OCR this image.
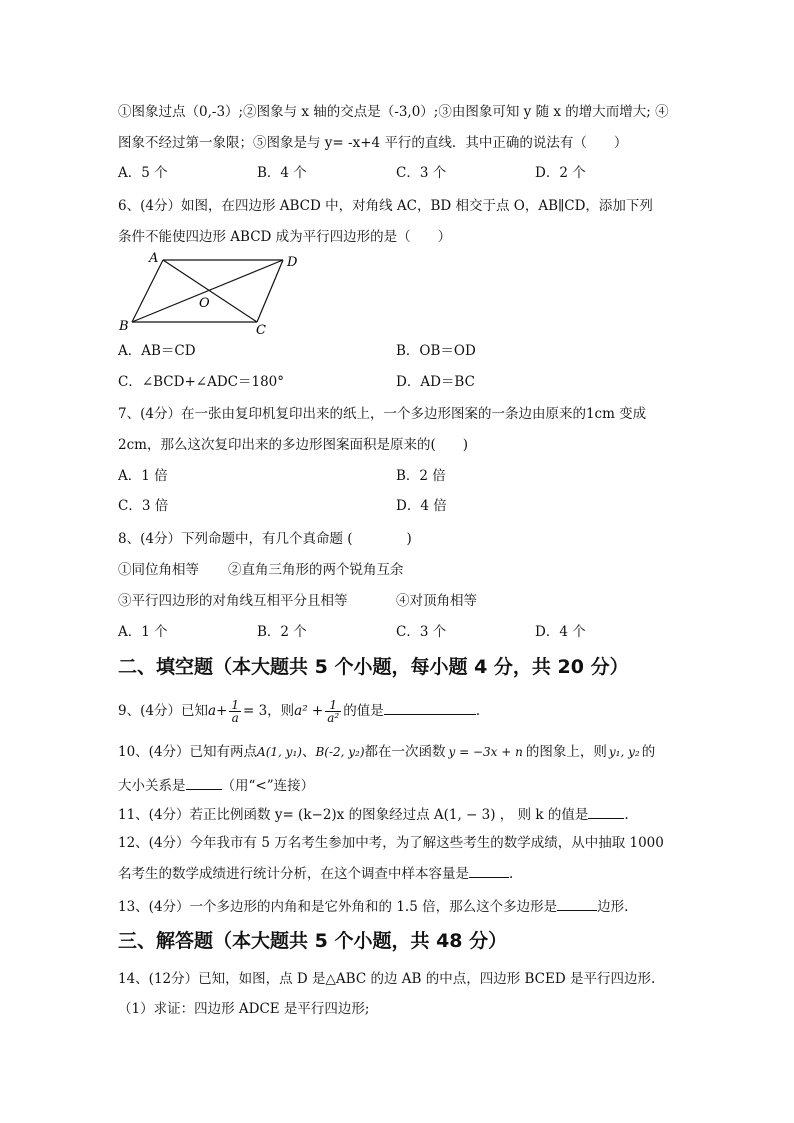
①图象过点（0,-3）;②图象与 x 轴的交点是（-3,0）;③由图象可知 y 随 x 的增大而增大; ④
图象不经过第一象限；⑤图象是与 y= -x+4 平行的直线．其中正确的说法有（　　）
A．5 个	B．4 个	C．3 个	D．2 个
6、(4分）如图，在四边形 ABCD 中，对角线 AC，BD 相交于点 O，AB∥CD，添加下列
条件不能使四边形 ABCD 成为平行四边形的是（　　）
A	D
B	C
O
A．AB＝CD	B．OB＝OD
C．∠BCD+∠ADC＝180°	D．AD＝BC
7、(4分）在一张由复印机复印出来的纸上，一个多边形图案的一条边由原来的1cm 变成
2cm，那么这次复印出来的多边形图案面积是原来的(　　)
A．1 倍	B．2 倍
C．3 倍	D．4 倍
8、(4分）下列命题中，有几个真命题 (　　　　)
①同位角相等 ②直角三角形的两个锐角互余
③平行四边形的对角线互相平分且相等	④对顶角相等
A．1 个	B．2 个	C．3 个	D．4 个
二、填空题（本大题共 5 个小题，每小题 4 分，共 20 分）
9、(4分）已知$a+ \frac{1}{a} = 3$，则$a^2 + \frac{1}{\text{a²}}$ 的值是	.
10、(4分）已知有两点A(1, y₁)、B(-2, y₂)都在一次函数 y = −3x + n 的图象上，则 y₁, y₂ 的
大小关系是	（用“<”连接）
11、(4分）若正比例函数 y= (k−2)x 的图象经过点 A(1, − 3) ， 则 k 的值是	.
12、(4分）今年我市有 5 万名考生参加中考，为了解这些考生的数学成绩，从中抽取 1000
名考生的数学成绩进行统计分析，在这个调查中样本容量是	.
13、(4分）一个多边形的内角和是它外角和的 1.5 倍，那么这个多边形是	边形.
三、解答题（本大题共 5 个小题，共 48 分）
14、(12分）已知，如图，点 D 是△ABC 的边 AB 的中点，四边形 BCED 是平行四边形.
（1）求证：四边形 ADCE 是平行四边形;
